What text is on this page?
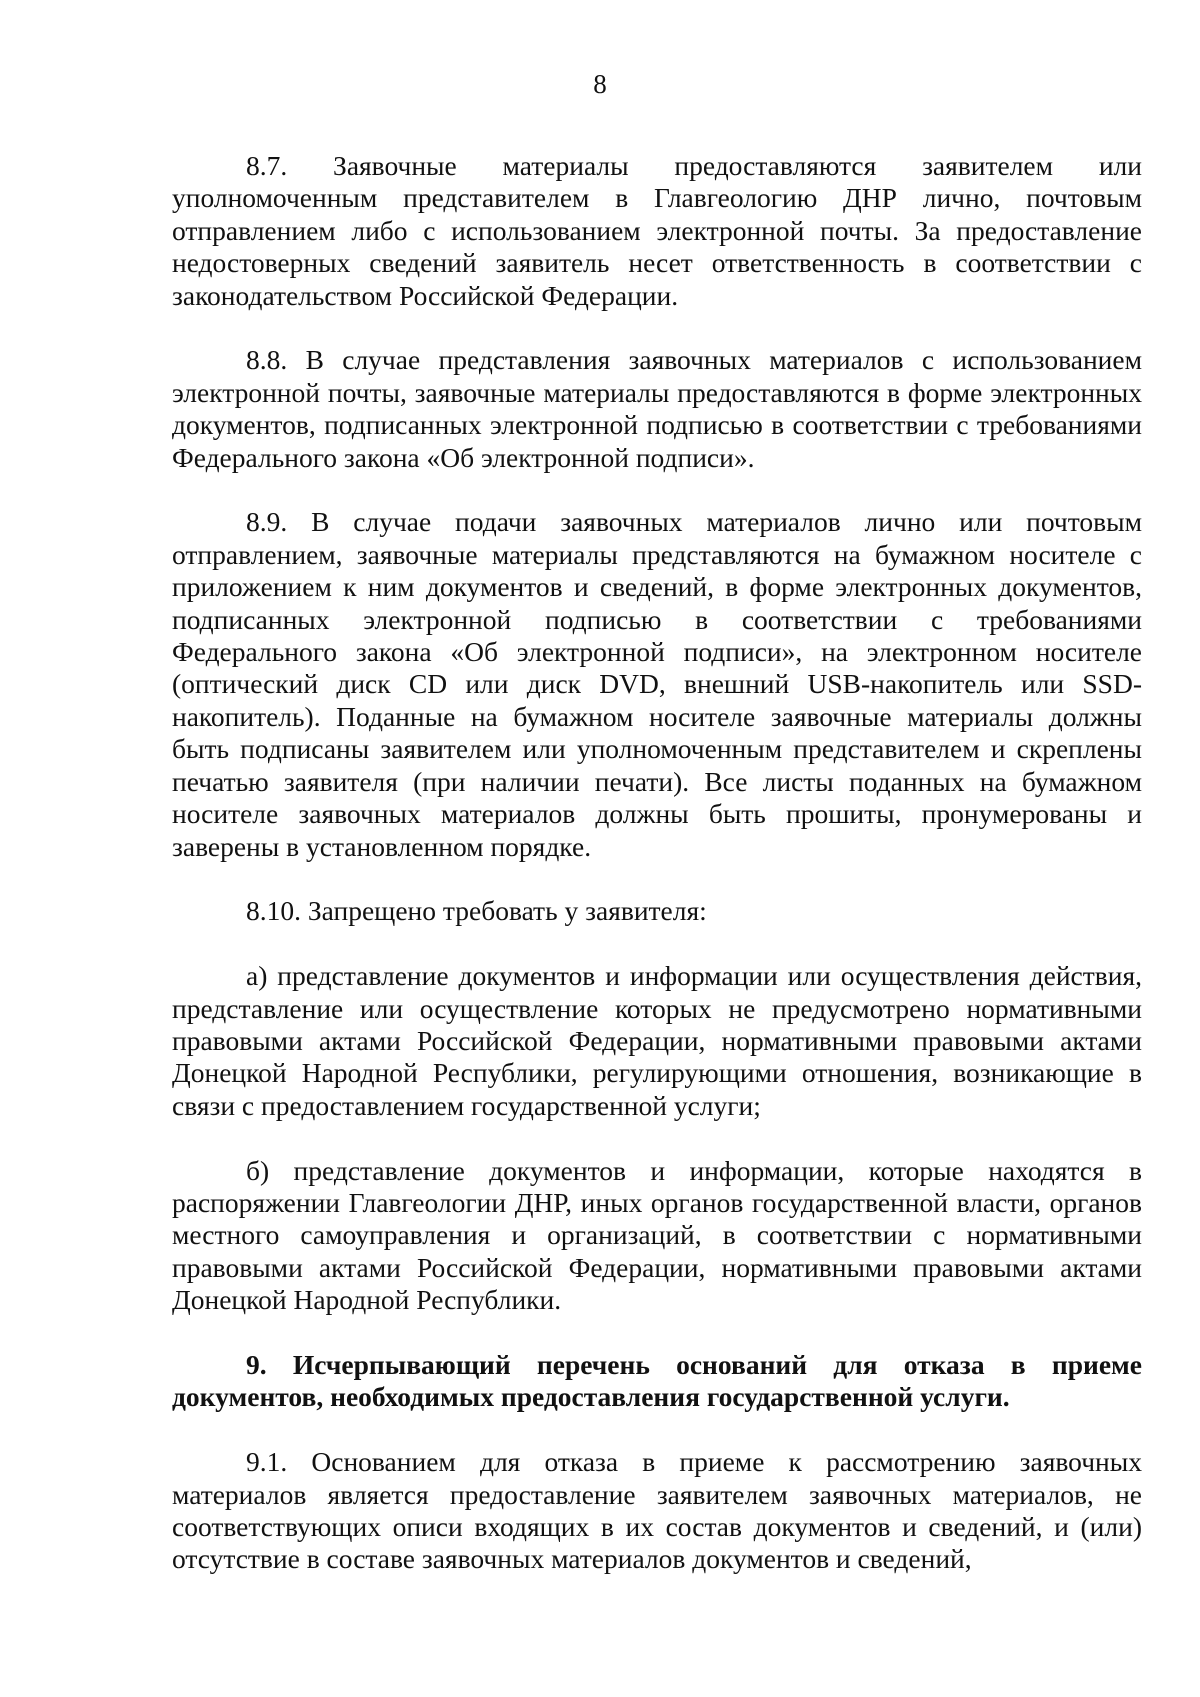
8

8.7. Заявочные материалы предоставляются заявителем или уполномоченным представителем в Главгеологию ДНР лично, почтовым отправлением либо с использованием электронной почты. За предоставление недостоверных сведений заявитель несет ответственность в соответствии с законодательством Российской Федерации.

8.8. В случае представления заявочных материалов с использованием электронной почты, заявочные материалы предоставляются в форме электронных документов, подписанных электронной подписью в соответствии с требованиями Федерального закона «Об электронной подписи».

8.9. В случае подачи заявочных материалов лично или почтовым отправлением, заявочные материалы представляются на бумажном носителе с приложением к ним документов и сведений, в форме электронных документов, подписанных электронной подписью в соответствии с требованиями Федерального закона «Об электронной подписи», на электронном носителе (оптический диск CD или диск DVD, внешний USB-накопитель или SSD-накопитель). Поданные на бумажном носителе заявочные материалы должны быть подписаны заявителем или уполномоченным представителем и скреплены печатью заявителя (при наличии печати). Все листы поданных на бумажном носителе заявочных материалов должны быть прошиты, пронумерованы и заверены в установленном порядке.

8.10. Запрещено требовать у заявителя:

а) представление документов и информации или осуществления действия, представление или осуществление которых не предусмотрено нормативными правовыми актами Российской Федерации, нормативными правовыми актами Донецкой Народной Республики, регулирующими отношения, возникающие в связи с предоставлением государственной услуги;

б) представление документов и информации, которые находятся в распоряжении Главгеологии ДНР, иных органов государственной власти, органов местного самоуправления и организаций, в соответствии с нормативными правовыми актами Российской Федерации, нормативными правовыми актами Донецкой Народной Республики.

9. Исчерпывающий перечень оснований для отказа в приеме документов, необходимых предоставления государственной услуги.

9.1. Основанием для отказа в приеме к рассмотрению заявочных материалов является предоставление заявителем заявочных материалов, не соответствующих описи входящих в их состав документов и сведений, и (или) отсутствие в составе заявочных материалов документов и сведений,
